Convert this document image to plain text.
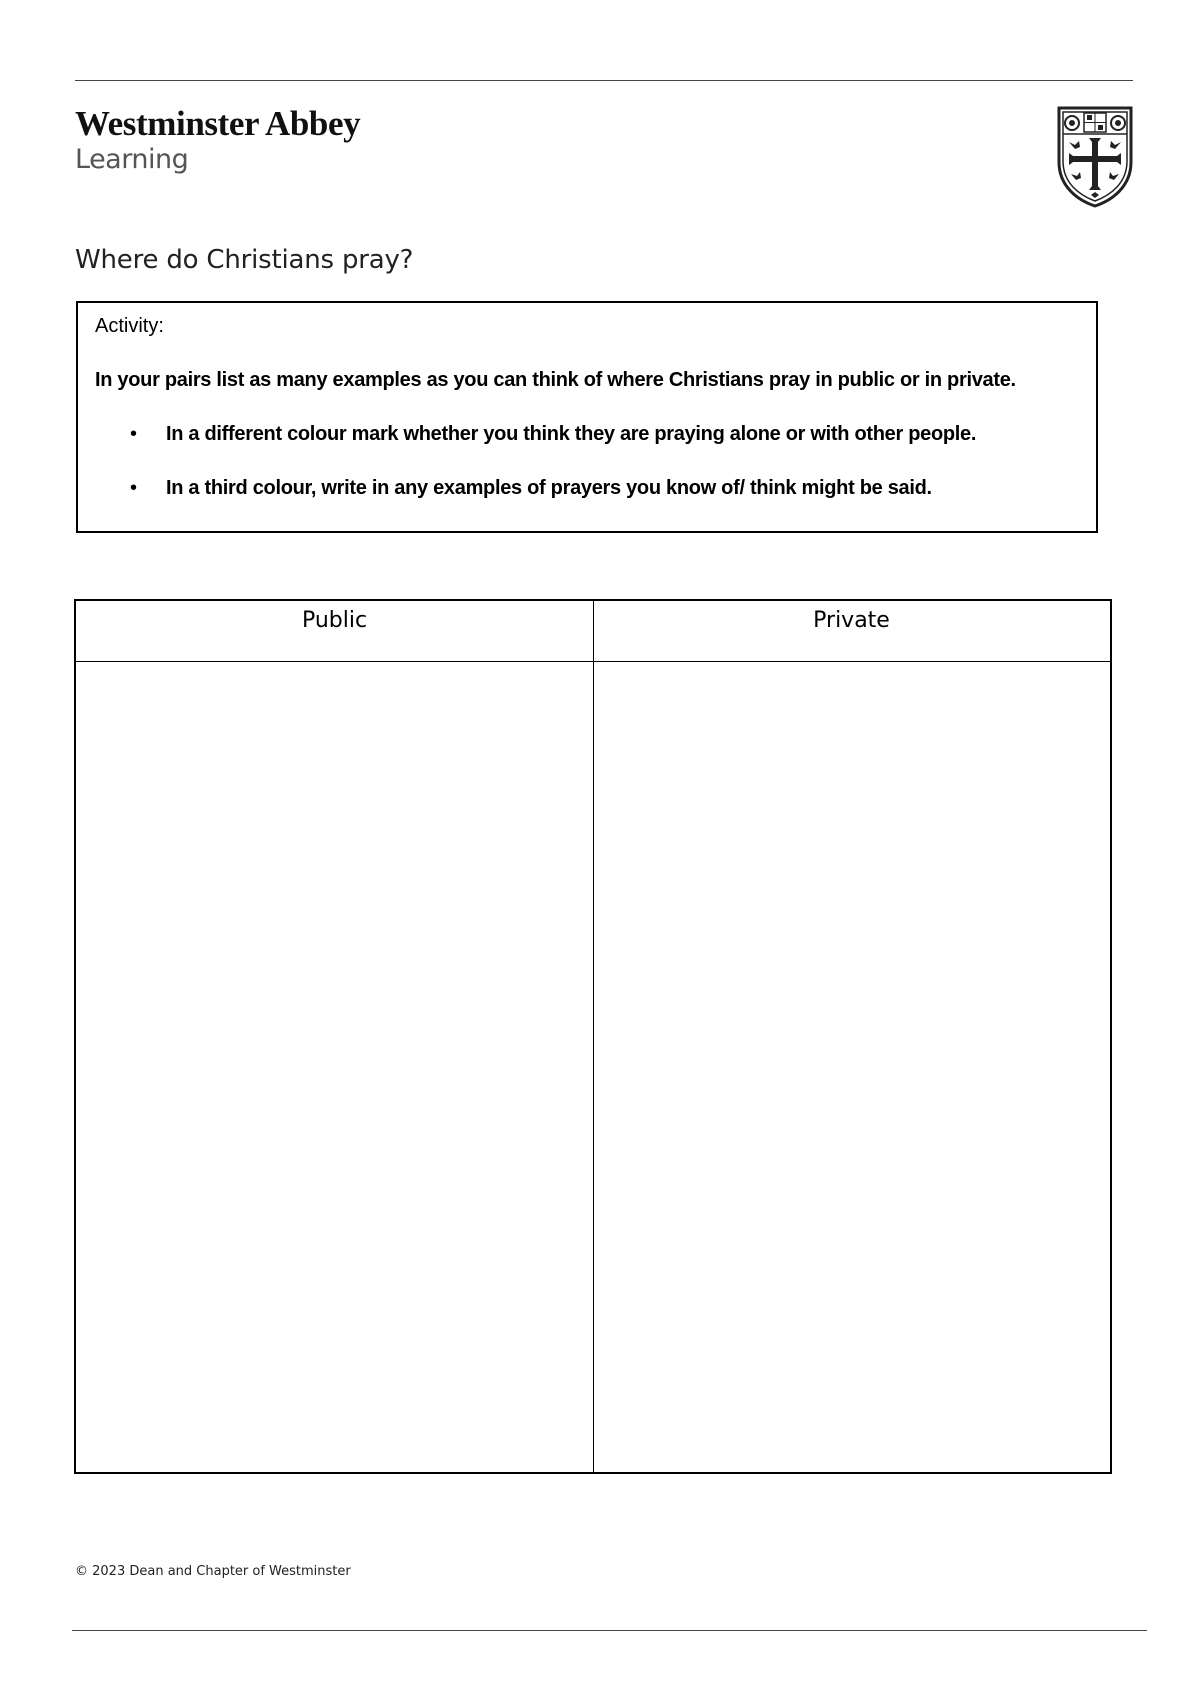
Westminster Abbey
Learning
Where do Christians pray?
Activity:
In your pairs list as many examples as you can think of where Christians pray in public or in private.
• In a different colour mark whether you think they are praying alone or with other people.
• In a third colour, write in any examples of prayers you know of/ think might be said.
Public	Private
© 2023 Dean and Chapter of Westminster
